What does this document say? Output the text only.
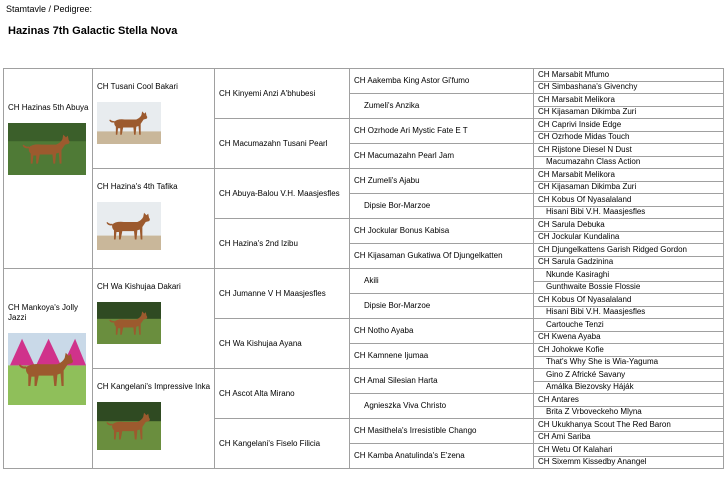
Stamtavle / Pedigree:
Hazinas 7th Galactic Stella Nova
CH Hazinas 5th Abuya	CH Tusani Cool Bakari	CH Kinyemi Anzi A'bhubesi	CH Aakemba King Astor Gi'fumo	CH Marsabit Mfumo
				CH Simbashana's Givenchy
			Zumeli's Anzika	CH Marsabit Melikora
				CH Kijasaman Dikimba Zuri
		CH Macumazahn Tusani Pearl	CH Ozrhode Ari Mystic Fate E T	CH Caprivi Inside Edge
				CH Ozrhode Midas Touch
			CH Macumazahn Pearl Jam	CH Rijstone Diesel N Dust
				Macumazahn Class Action

	CH Hazina's 4th Tafika	CH Abuya-Balou V.H. Maasjesfles	CH Zumeli's Ajabu	CH Marsabit Melikora
				CH Kijasaman Dikimba Zuri
			Dipsie Bor-Marzoe	CH Kobus Of Nyasalaland
				Hisani Bibi V.H. Maasjesfles
		CH Hazina's 2nd Izibu	CH Jockular Bonus Kabisa	CH Sarula Debuka
				CH Jockular Kundalina
			CH Kijasaman Gukatiwa Of Djungelkatten	CH Djungelkattens Garish Ridged Gordon
				CH Sarula Gadzinina

CH Mankoya's Jolly Jazzi	CH Wa Kishujaa Dakari	CH Jumanne V H Maasjesfles	Akili	Nkunde Kasiraghi
				Gunthwaite Bossie Flossie
			Dipsie Bor-Marzoe	CH Kobus Of Nyasalaland
				Hisani Bibi V.H. Maasjesfles
		CH Wa Kishujaa Ayana	CH Notho Ayaba	Cartouche Tenzi
				CH Kwena Ayaba
			CH Kamnene Ijumaa	CH Johokwe Kofie
				That's Why She is Wia-Yaguma

	CH Kangelani's Impressive Inka	CH Ascot Alta Mirano	CH Amal Silesian Harta	Gino Z Africké Savany
				Amálka Biezovsky Háják
			Agnieszka Viva Christo	CH Antares
				Brita Z Vrboveckeho Mlyna
		CH Kangelani's Fiselo Filicia	CH Masithela's Irresistible Chango	CH Ukukhanya Scout The Red Baron
				CH Ami Sariba
			CH Kamba Anatulinda's E'zena	CH Wetu Of Kalahari
				CH Sixemm Kissedby Anangel
